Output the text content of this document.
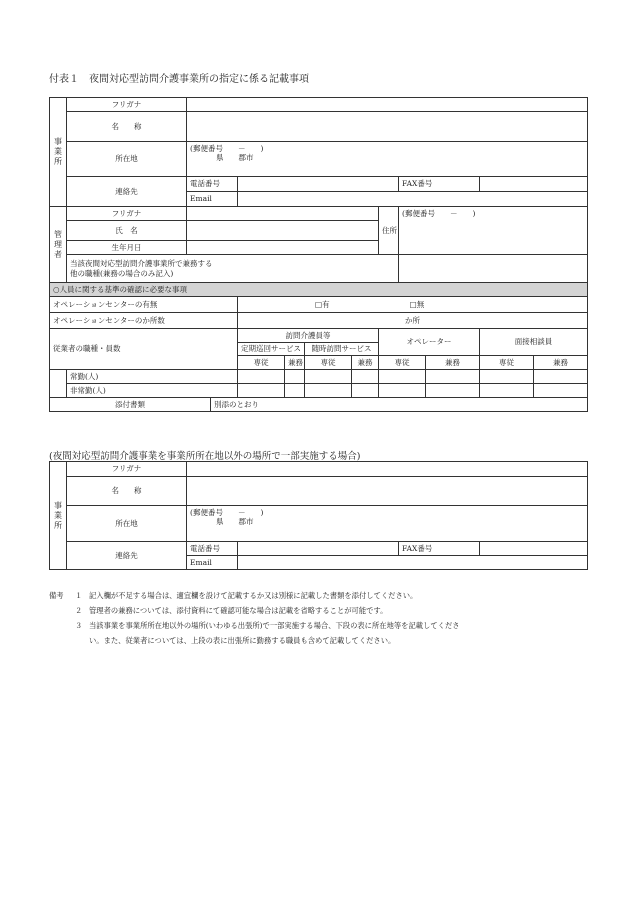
付表１　夜間対応型訪問介護事業所の指定に係る記載事項
事
業
所	フリガナ											
	名　　称											
	所在地	(郵便番号　　－　　)
県　　郡市										

	連絡先	電話番号							FAX番号			
		Email										

管
理
者	フリガナ							住所	(郵便番号　　－　　)			
	氏　名											
	生年月日											

	当該夜間対応型訪問介護事業所で兼務する
他の職種(兼務の場合のみ記入)											

○人員に関する基準の確認に必要な事項												
オペレーションセンターの有無				□有 □無								
オペレーションセンターのか所数				か所								
従業者の職種・員数				訪問介護員等				オペレーター			面接相談員	
				定期巡回サービス		随時訪問サービス						
				専従	兼務	専従	兼務	専従		兼務	専従	兼務
	常勤(人)											
	非常勤(人)											
添付書類			別添のとおり									
(夜間対応型訪問介護事業を事業所所在地以外の場所で一部実施する場合)
事
業
所	フリガナ				
	名　　称				
	所在地	(郵便番号　　－　　)
県　　郡市			

	連絡先	電話番号		FAX番号	
		Email			
備考	１ 記入欄が不足する場合は、適宜欄を設けて記載するか又は別様に記載した書類を添付してください。
２ 管理者の兼務については、添付資料にて確認可能な場合は記載を省略することが可能です。
３ 当該事業を事業所所在地以外の場所(いわゆる出張所)で一部実施する場合、下段の表に所在地等を記載してくださ
い。また、従業者については、上段の表に出張所に勤務する職員も含めて記載してください。
